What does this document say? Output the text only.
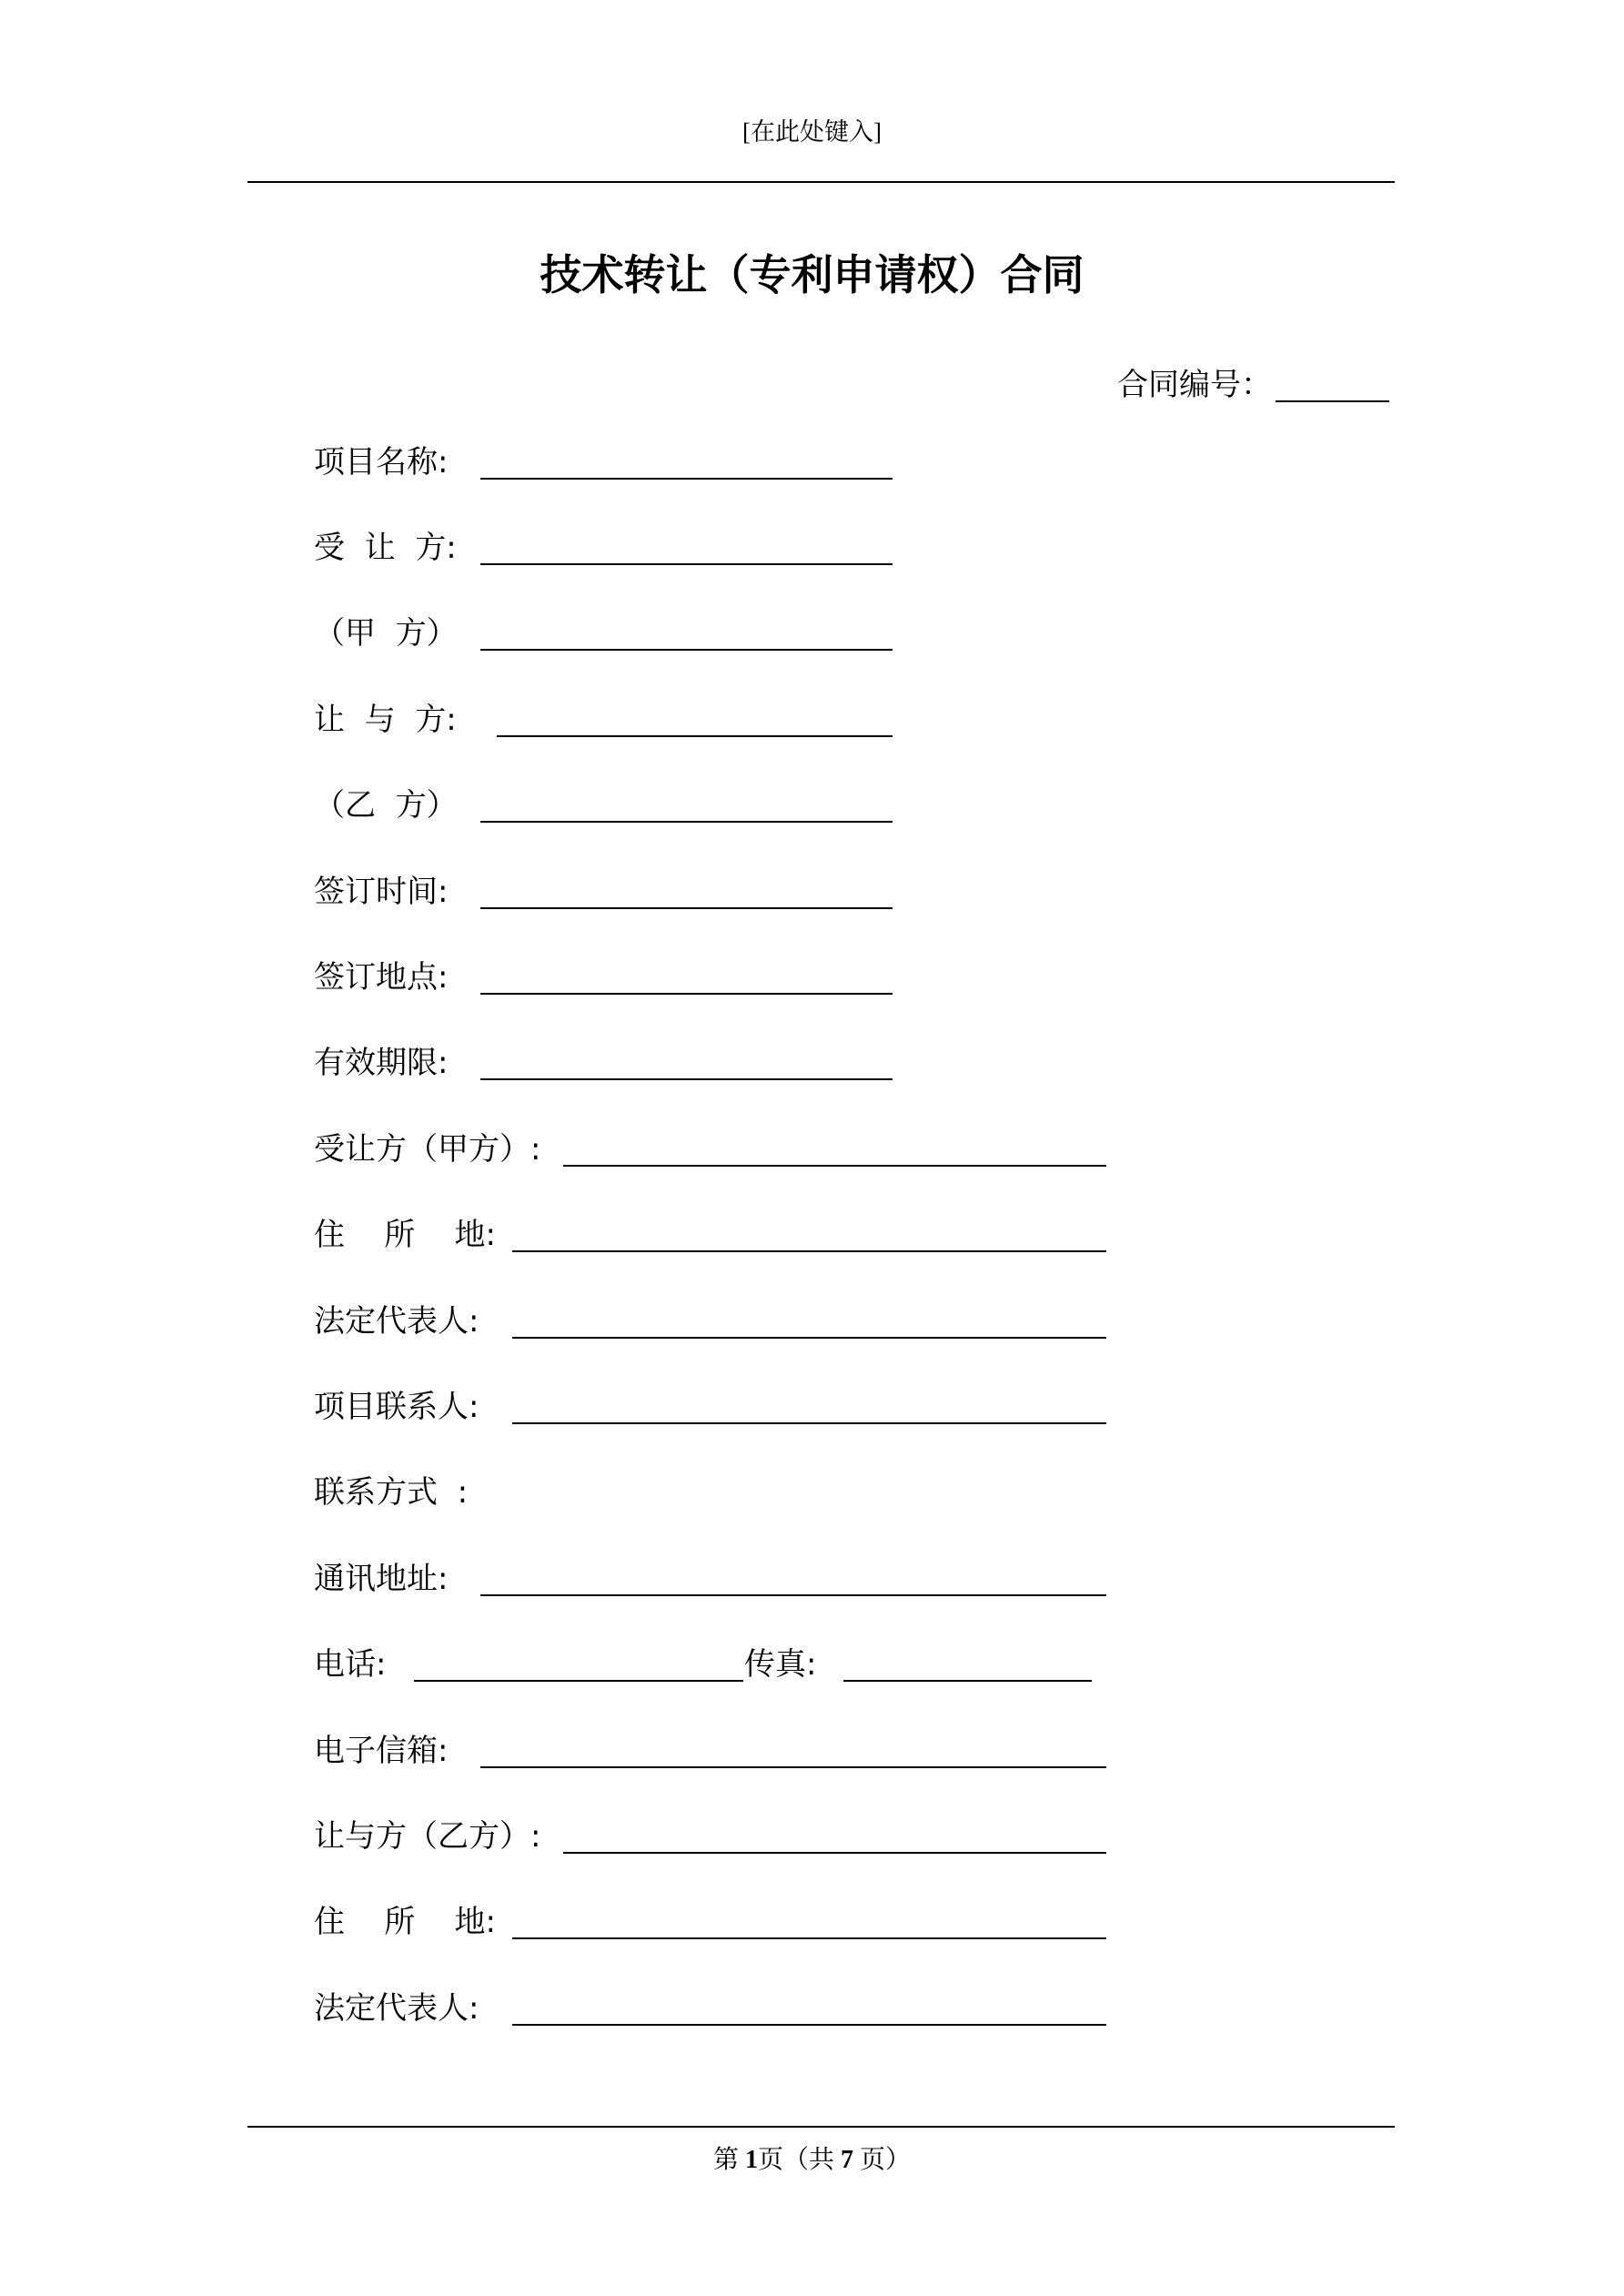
[在此处键入]
技术转让（专利申请权）合同
合同编号：
项目名称:
受  让  方:
（甲  方）
让  与  方:
（乙  方）
签订时间:
签订地点:
有效期限:
受让方（甲方）:
住    所    地:
法定代表人:
项目联系人:
联系方式  :
通讯地址:
电话:	传真:
电子信箱:
让与方（乙方）:
住    所    地:
法定代表人:
第 1页（共 7 页）
